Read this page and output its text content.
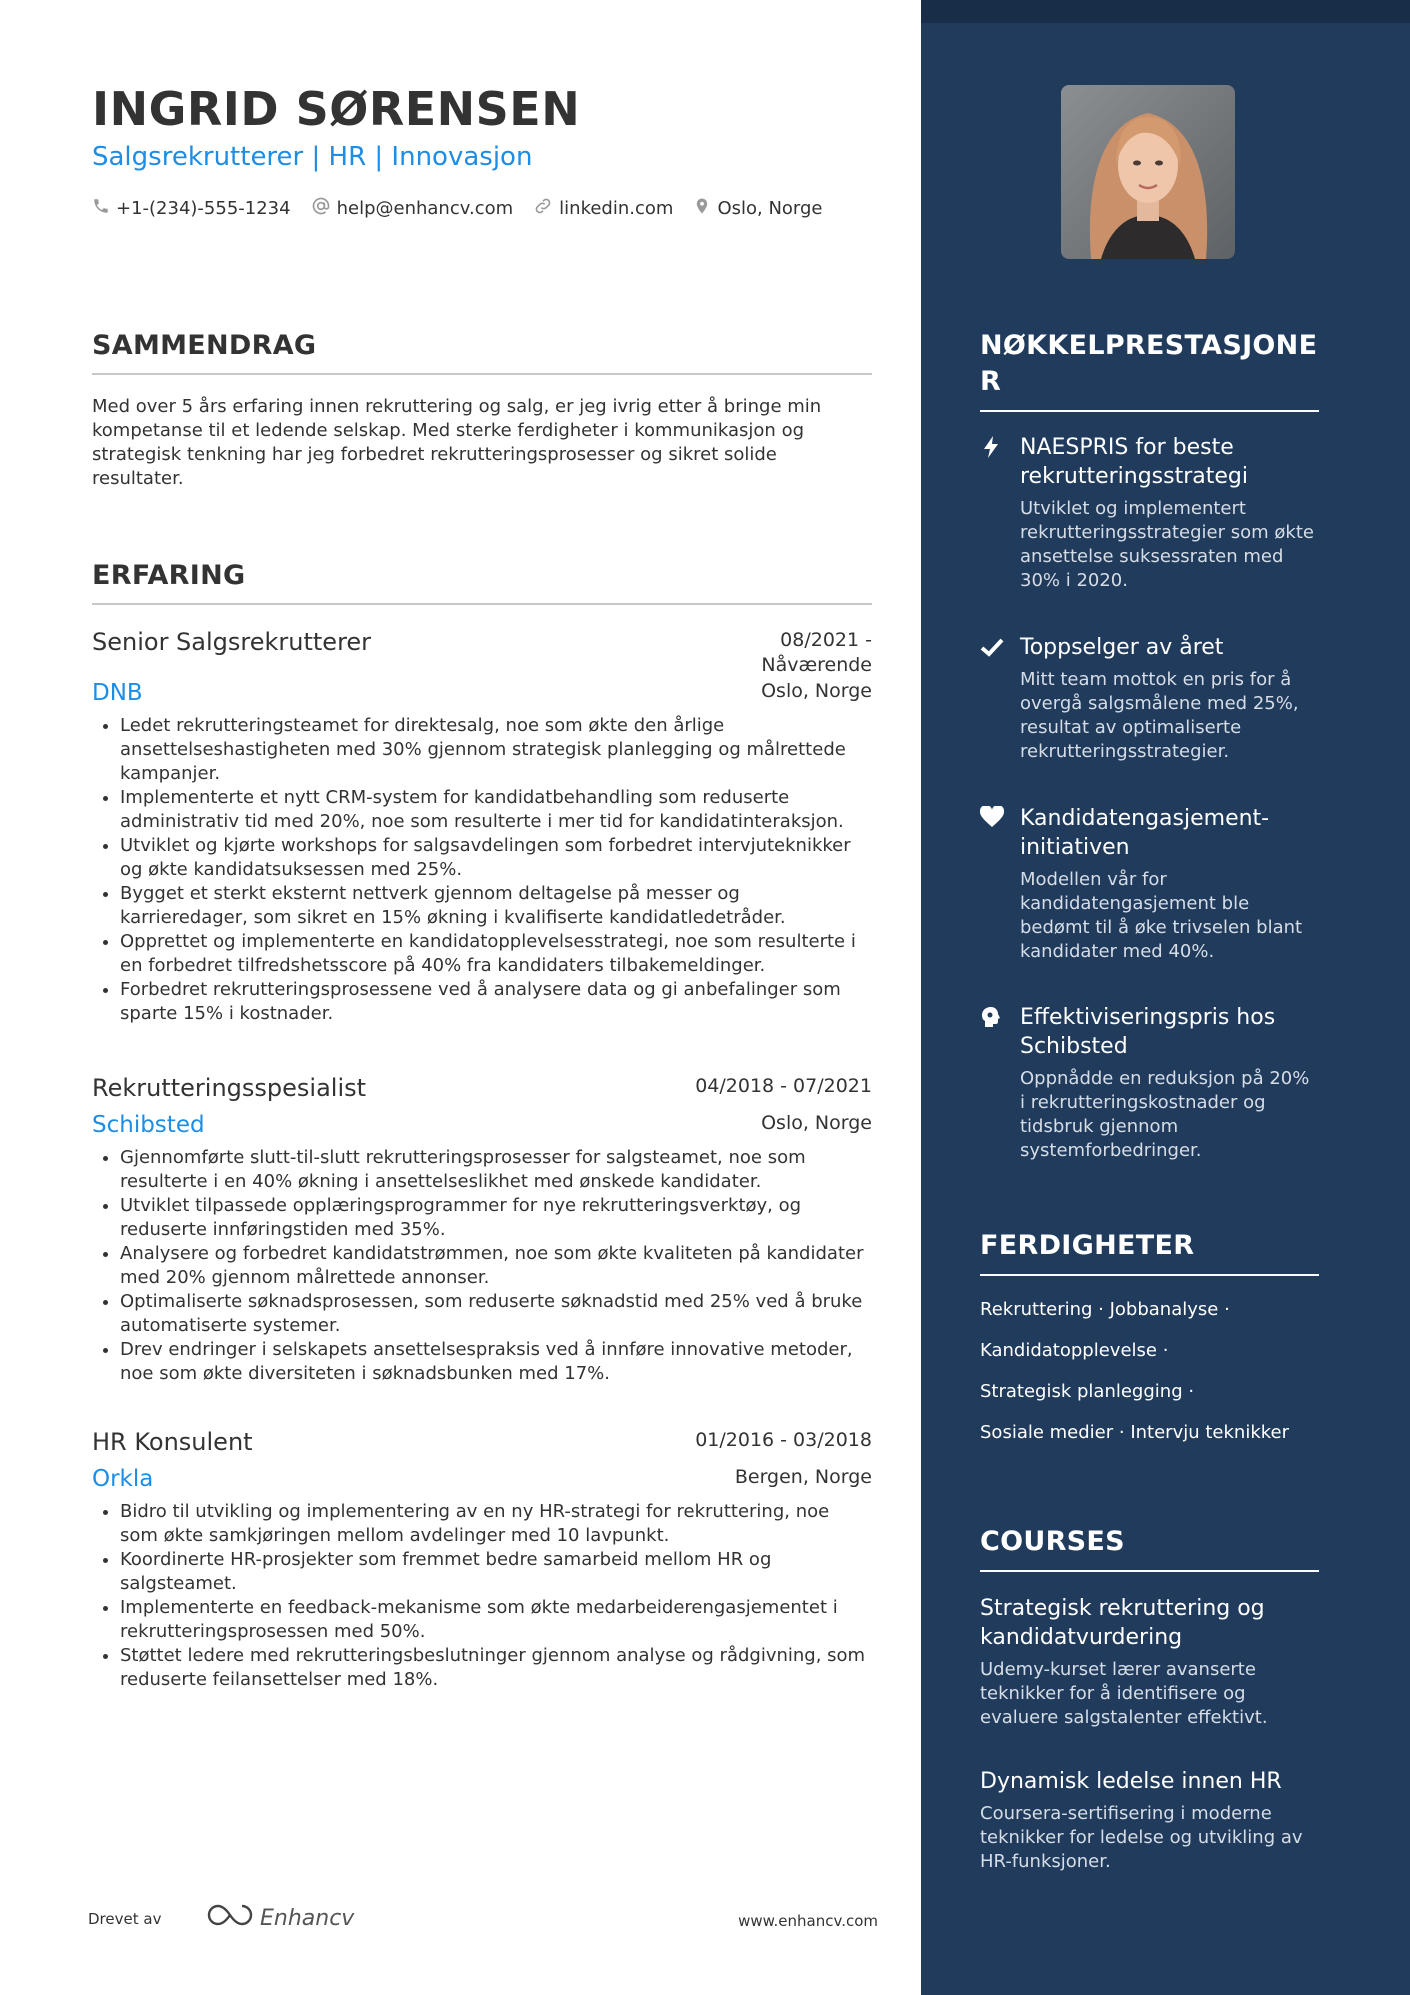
INGRID SØRENSEN
Salgsrekrutterer | HR | Innovasjon
+1-(234)-555-1234	help@enhancv.com	linkedin.com Oslo, Norge
SAMMENDRAG
Med over 5 års erfaring innen rekruttering og salg, er jeg ivrig etter å bringe min kompetanse til et ledende selskap. Med sterke ferdigheter i kommunikasjon og strategisk tenkning har jeg forbedret rekrutteringsprosesser og sikret solide resultater.
ERFARING
Senior Salgsrekrutterer	08/2021 -
Nåværende
DNB	Oslo, Norge
• Ledet rekrutteringsteamet for direktesalg, noe som økte den årlige ansettelseshastigheten med 30% gjennom strategisk planlegging og målrettede kampanjer.
• Implementerte et nytt CRM-system for kandidatbehandling som reduserte administrativ tid med 20%, noe som resulterte i mer tid for kandidatinteraksjon.
• Utviklet og kjørte workshops for salgsavdelingen som forbedret intervjuteknikker og økte kandidatsuksessen med 25%.
• Bygget et sterkt eksternt nettverk gjennom deltagelse på messer og karrieredager, som sikret en 15% økning i kvalifiserte kandidatledetråder.
• Opprettet og implementerte en kandidatopplevelsesstrategi, noe som resulterte i en forbedret tilfredshetsscore på 40% fra kandidaters tilbakemeldinger.
• Forbedret rekrutteringsprosessene ved å analysere data og gi anbefalinger som sparte 15% i kostnader.
Rekrutteringsspesialist	04/2018 - 07/2021
Schibsted	Oslo, Norge
• Gjennomførte slutt-til-slutt rekrutteringsprosesser for salgsteamet, noe som resulterte i en 40% økning i ansettelseslikhet med ønskede kandidater.
• Utviklet tilpassede opplæringsprogrammer for nye rekrutteringsverktøy, og reduserte innføringstiden med 35%.
• Analysere og forbedret kandidatstrømmen, noe som økte kvaliteten på kandidater med 20% gjennom målrettede annonser.
• Optimaliserte søknadsprosessen, som reduserte søknadstid med 25% ved å bruke automatiserte systemer.
• Drev endringer i selskapets ansettelsespraksis ved å innføre innovative metoder, noe som økte diversiteten i søknadsbunken med 17%.
HR Konsulent	01/2016 - 03/2018
Orkla	Bergen, Norge
• Bidro til utvikling og implementering av en ny HR-strategi for rekruttering, noe som økte samkjøringen mellom avdelinger med 10 lavpunkt.
• Koordinerte HR-prosjekter som fremmet bedre samarbeid mellom HR og salgsteamet.
• Implementerte en feedback-mekanisme som økte medarbeiderengasjementet i rekrutteringsprosessen med 50%.
• Støttet ledere med rekrutteringsbeslutninger gjennom analyse og rådgivning, som reduserte feilansettelser med 18%.
Drevet av	Enhancv	www.enhancv.com
NØKKELPRESTASJONE
R
NAESPRIS for beste rekrutteringsstrategi
Utviklet og implementert rekrutteringsstrategier som økte ansettelse suksessraten med 30% i 2020.
Toppselger av året
Mitt team mottok en pris for å overgå salgsmålene med 25%, resultat av optimaliserte rekrutteringsstrategier.
Kandidatengasjement-initiativen
Modellen vår for kandidatengasjement ble bedømt til å øke trivselen blant kandidater med 40%.
Effektiviseringspris hos Schibsted
Oppnådde en reduksjon på 20% i rekrutteringskostnader og tidsbruk gjennom systemforbedringer.
FERDIGHETER
Rekruttering · Jobbanalyse ·
Kandidatopplevelse ·
Strategisk planlegging ·
Sosiale medier · Intervju teknikker
COURSES
Strategisk rekruttering og kandidatvurdering
Udemy-kurset lærer avanserte teknikker for å identifisere og evaluere salgstalenter effektivt.
Dynamisk ledelse innen HR
Coursera-sertifisering i moderne teknikker for ledelse og utvikling av HR-funksjoner.
